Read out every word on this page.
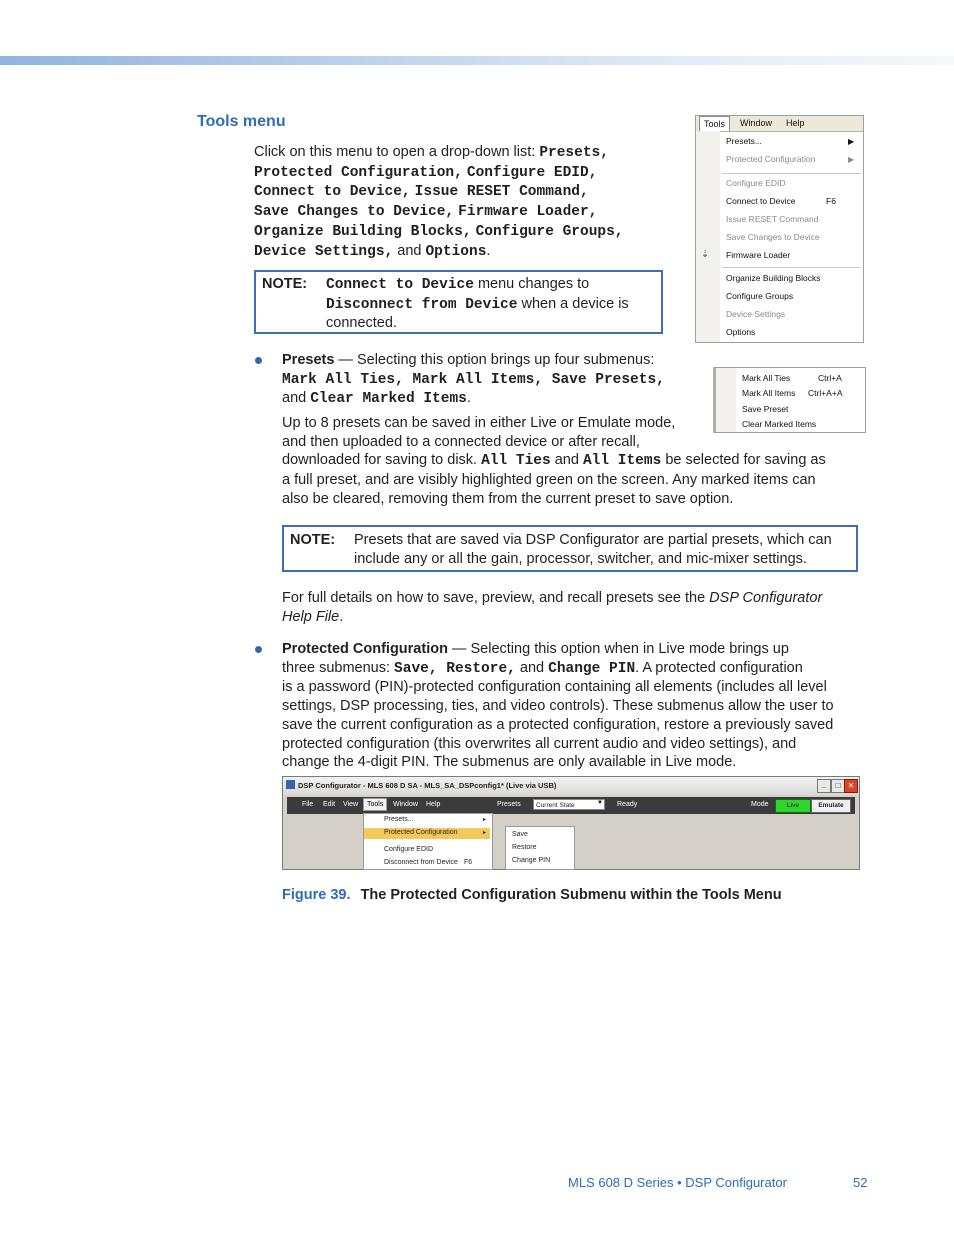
Tools menu
Click on this menu to open a drop-down list: Presets,
Protected Configuration, Configure EDID,
Connect to Device, Issue RESET Command,
Save Changes to Device, Firmware Loader,
Organize Building Blocks, Configure Groups,
Device Settings, and Options.
NOTE: Connect to Device menu changes to
Disconnect from Device when a device is connected.
Tools	Window Help
Presets...	▶
Protected Configuration	▶
Configure EDID
Connect to Device	F6
Issue RESET Command
Save Changes to Device
⇣ Firmware Loader
Organize Building Blocks
Configure Groups
Device Settings
Options
Mark All Ties	Ctrl+A
Mark All Items Ctrl+A+A
Save Preset
Clear Marked Items
Presets — Selecting this option brings up four submenus:
Mark All Ties, Mark All Items, Save Presets,
and Clear Marked Items.
Up to 8 presets can be saved in either Live or Emulate mode,
and then uploaded to a connected device or after recall,
downloaded for saving to disk. All Ties and All Items be selected for saving as
a full preset, and are visibly highlighted green on the screen. Any marked items can
also be cleared, removing them from the current preset to save option.
NOTE: Presets that are saved via DSP Configurator are partial presets, which can
include any or all the gain, processor, switcher, and mic-mixer settings.
For full details on how to save, preview, and recall presets see the DSP Configurator
Help File.
Protected Configuration — Selecting this option when in Live mode brings up
three submenus: Save, Restore, and Change PIN. A protected configuration
is a password (PIN)-protected configuration containing all elements (includes all level
settings, DSP processing, ties, and video controls). These submenus allow the user to
save the current configuration as a protected configuration, restore a previously saved
protected configuration (this overwrites all current audio and video settings), and
change the 4-digit PIN. The submenus are only available in Live mode.
DSP Configurator - MLS 608 D SA - MLS_SA_DSPconfig1* (Live via USB)	_	□ ✕
File Edit View	Tools	Window Help	Presets	Current State	▼ Ready	Mode	Live	Emulate
Presets...	▸
Protected Configuration	▸
Configure EDID
Disconnect from Device F6
Save
Restore
Change PIN
Figure 39. The Protected Configuration Submenu within the Tools Menu
MLS 608 D Series • DSP Configurator	52
